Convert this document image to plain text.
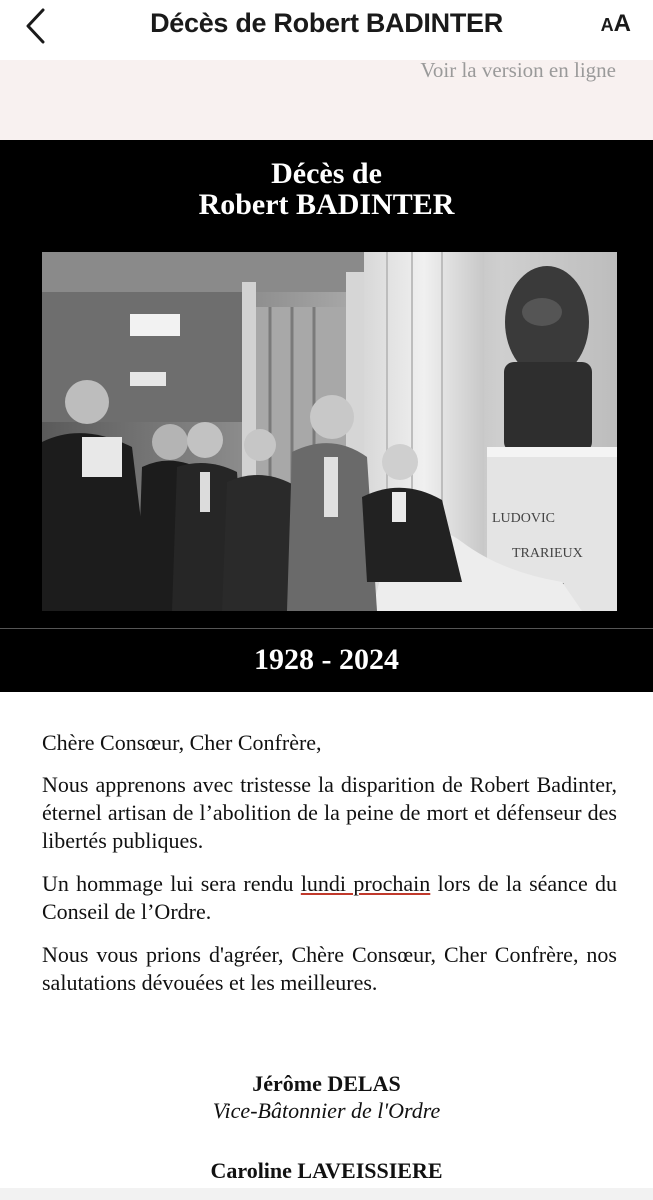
Décès de Robert BADINTER	AA
Voir la version en ligne
Décès de
Robert BADINTER
LUDOVIC
TRARIEUX
1928 - 2024
Chère Consœur, Cher Confrère,
Nous apprenons avec tristesse la disparition de Robert Badinter, éternel artisan de l’abolition de la peine de mort et défenseur des libertés publiques.
Un hommage lui sera rendu lundi prochain lors de la séance du Conseil de l’Ordre.
Nous vous prions d'agréer, Chère Consœur, Cher Confrère, nos salutations dévouées et les meilleures.
Jérôme DELAS
Vice-Bâtonnier de l'Ordre
Caroline LAVEISSIERE
